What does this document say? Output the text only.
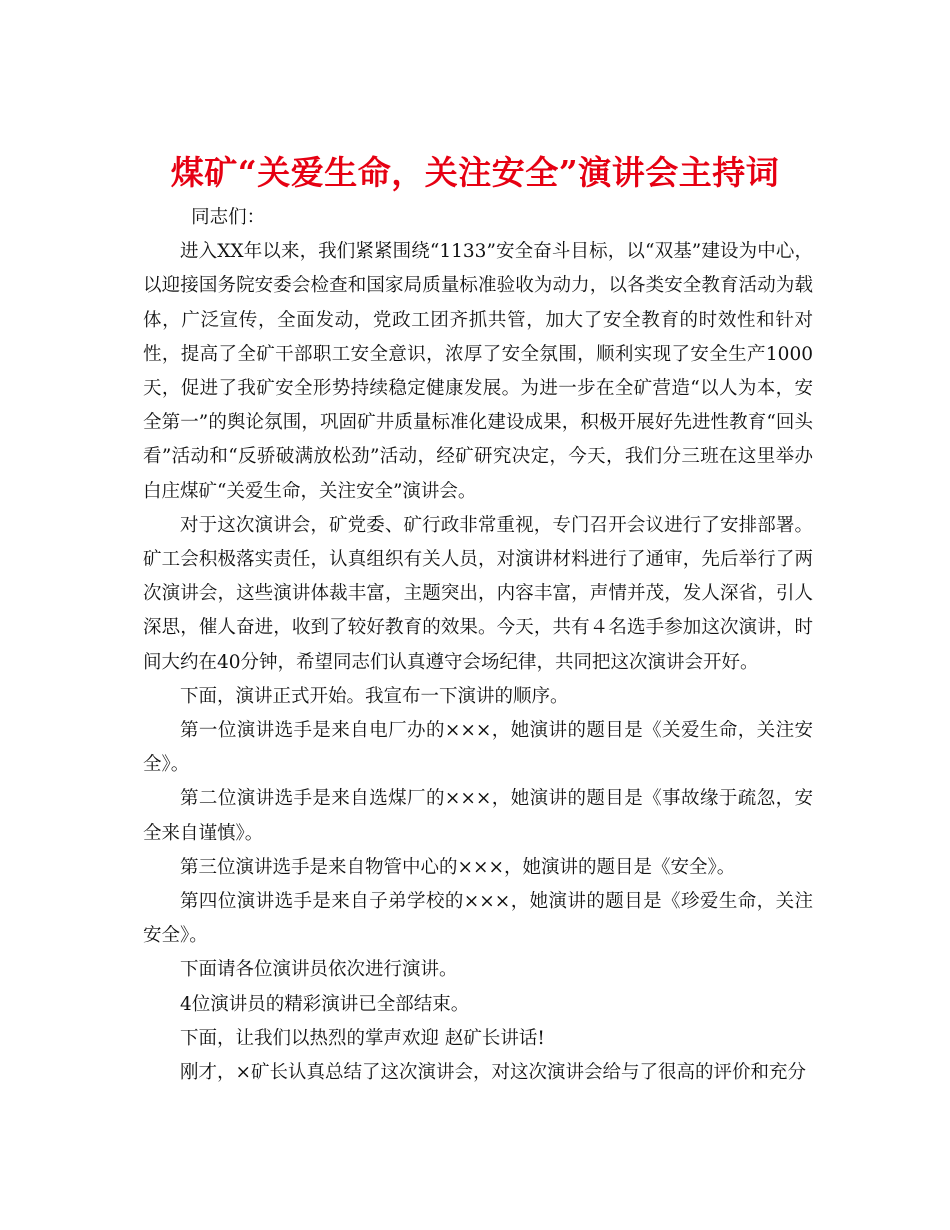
煤矿“关爱生命，关注安全”演讲会主持词

同志们：

进入XX年以来，我们紧紧围绕“1133”安全奋斗目标，以“双基”建设为中心，以迎接国务院安委会检查和国家局质量标准验收为动力，以各类安全教育活动为载体，广泛宣传，全面发动，党政工团齐抓共管，加大了安全教育的时效性和针对性，提高了全矿干部职工安全意识，浓厚了安全氛围，顺利实现了安全生产1000天，促进了我矿安全形势持续稳定健康发展。为进一步在全矿营造“以人为本，安全第一”的舆论氛围，巩固矿井质量标准化建设成果，积极开展好先进性教育“回头看”活动和“反骄破满放松劲”活动，经矿研究决定，今天，我们分三班在这里举办白庄煤矿“关爱生命，关注安全”演讲会。

对于这次演讲会，矿党委、矿行政非常重视，专门召开会议进行了安排部署。矿工会积极落实责任，认真组织有关人员，对演讲材料进行了通审，先后举行了两次演讲会，这些演讲体裁丰富，主题突出，内容丰富，声情并茂，发人深省，引人深思，催人奋进，收到了较好教育的效果。今天，共有４名选手参加这次演讲，时间大约在40分钟，希望同志们认真遵守会场纪律，共同把这次演讲会开好。

下面，演讲正式开始。我宣布一下演讲的顺序。

第一位演讲选手是来自电厂办的×××，她演讲的题目是《关爱生命，关注安全》。

第二位演讲选手是来自选煤厂的×××，她演讲的题目是《事故缘于疏忽，安全来自谨慎》。

第三位演讲选手是来自物管中心的×××，她演讲的题目是《安全》。

第四位演讲选手是来自子弟学校的×××，她演讲的题目是《珍爱生命，关注安全》。

下面请各位演讲员依次进行演讲。

4位演讲员的精彩演讲已全部结束。

下面，让我们以热烈的掌声欢迎 赵矿长讲话!

刚才，×矿长认真总结了这次演讲会，对这次演讲会给与了很高的评价和充分
